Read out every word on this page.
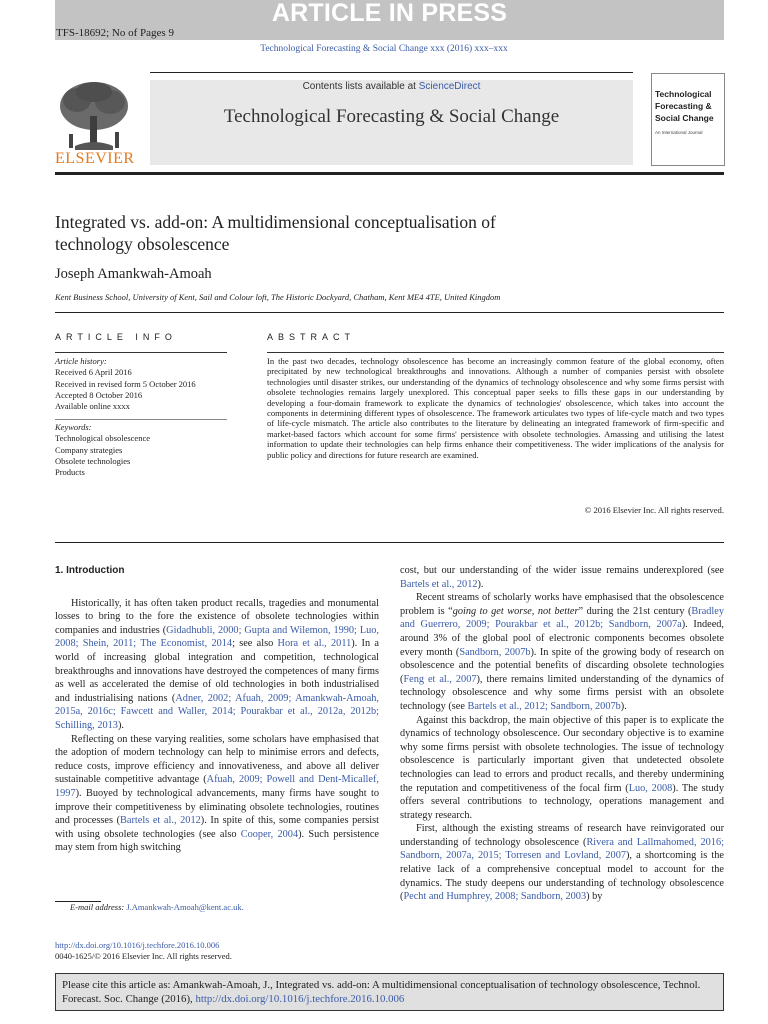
ARTICLE IN PRESS
TFS-18692; No of Pages 9
Technological Forecasting & Social Change xxx (2016) xxx–xxx
ELSEVIER
Contents lists available at ScienceDirect
Technological Forecasting & Social Change
Technological Forecasting & Social Change
An International Journal
Integrated vs. add-on: A multidimensional conceptualisation of technology obsolescence
Joseph Amankwah-Amoah
Kent Business School, University of Kent, Sail and Colour loft, The Historic Dockyard, Chatham, Kent ME4 4TE, United Kingdom
ARTICLE INFO
Article history:
Received 6 April 2016
Received in revised form 5 October 2016
Accepted 8 October 2016
Available online xxxx
Keywords:
Technological obsolescence
Company strategies
Obsolete technologies
Products
ABSTRACT
In the past two decades, technology obsolescence has become an increasingly common feature of the global economy, often precipitated by new technological breakthroughs and innovations. Although a number of companies persist with obsolete technologies until disaster strikes, our understanding of the dynamics of technology obsolescence and why some firms persist with obsolete technologies remains largely unexplored. This conceptual paper seeks to fills these gaps in our understanding by developing a four-domain framework to explicate the dynamics of technologies' obsolescence, which takes into account the components in determining different types of obsolescence. The framework articulates two types of life-cycle match and two types of life-cycle mismatch. The article also contributes to the literature by delineating an integrated framework of firm-specific and market-based factors which account for some firms' persistence with obsolete technologies. Amassing and utilising the latest information to update their technologies can help firms enhance their competitiveness. The wider implications of the analysis for public policy and directions for future research are examined.
© 2016 Elsevier Inc. All rights reserved.
1. Introduction

Historically, it has often taken product recalls, tragedies and monumental losses to bring to the fore the existence of obsolete technologies within companies and industries (Gidadhubli, 2000; Gupta and Wilemon, 1990; Luo, 2008; Shein, 2011; The Economist, 2014; see also Hora et al., 2011). In a world of increasing global integration and competition, technological breakthroughs and innovations have destroyed the competences of many firms as well as accelerated the demise of old technologies in both industrialised and industrialising nations (Adner, 2002; Afuah, 2009; Amankwah-Amoah, 2015a, 2016c; Fawcett and Waller, 2014; Pourakbar et al., 2012a, 2012b; Schilling, 2013).

Reflecting on these varying realities, some scholars have emphasised that the adoption of modern technology can help to minimise errors and defects, reduce costs, improve efficiency and innovativeness, and above all deliver sustainable competitive advantage (Afuah, 2009; Powell and Dent-Micallef, 1997). Buoyed by technological advancements, many firms have sought to improve their competitiveness by eliminating obsolete technologies, routines and processes (Bartels et al., 2012). In spite of this, some companies persist with using obsolete technologies (see also Cooper, 2004). Such persistence may stem from high switching

cost, but our understanding of the wider issue remains underexplored (see Bartels et al., 2012).

Recent streams of scholarly works have emphasised that the obsolescence problem is “going to get worse, not better” during the 21st century (Bradley and Guerrero, 2009; Pourakbar et al., 2012b; Sandborn, 2007a). Indeed, around 3% of the global pool of electronic components becomes obsolete every month (Sandborn, 2007b). In spite of the growing body of research on obsolescence and the potential benefits of discarding obsolete technologies (Feng et al., 2007), there remains limited understanding of the dynamics of technology obsolescence and why some firms persist with an obsolete technology (see Bartels et al., 2012; Sandborn, 2007b).

Against this backdrop, the main objective of this paper is to explicate the dynamics of technology obsolescence. Our secondary objective is to examine why some firms persist with obsolete technologies. The issue of technology obsolescence is particularly important given that undetected obsolete technologies can lead to errors and product recalls, and thereby undermining the reputation and competitiveness of the focal firm (Luo, 2008). The study offers several contributions to technology, operations management and strategy research.

First, although the existing streams of research have reinvigorated our understanding of technology obsolescence (Rivera and Lallmahomed, 2016; Sandborn, 2007a, 2015; Torresen and Lovland, 2007), a shortcoming is the relative lack of a comprehensive conceptual model to account for the dynamics. The study deepens our understanding of technology obsolescence (Pecht and Humphrey, 2008; Sandborn, 2003) by

E-mail address: J.Amankwah-Amoah@kent.ac.uk.
http://dx.doi.org/10.1016/j.techfore.2016.10.006
0040-1625/© 2016 Elsevier Inc. All rights reserved.
Please cite this article as: Amankwah-Amoah, J., Integrated vs. add-on: A multidimensional conceptualisation of technology obsolescence, Technol. Forecast. Soc. Change (2016), http://dx.doi.org/10.1016/j.techfore.2016.10.006
